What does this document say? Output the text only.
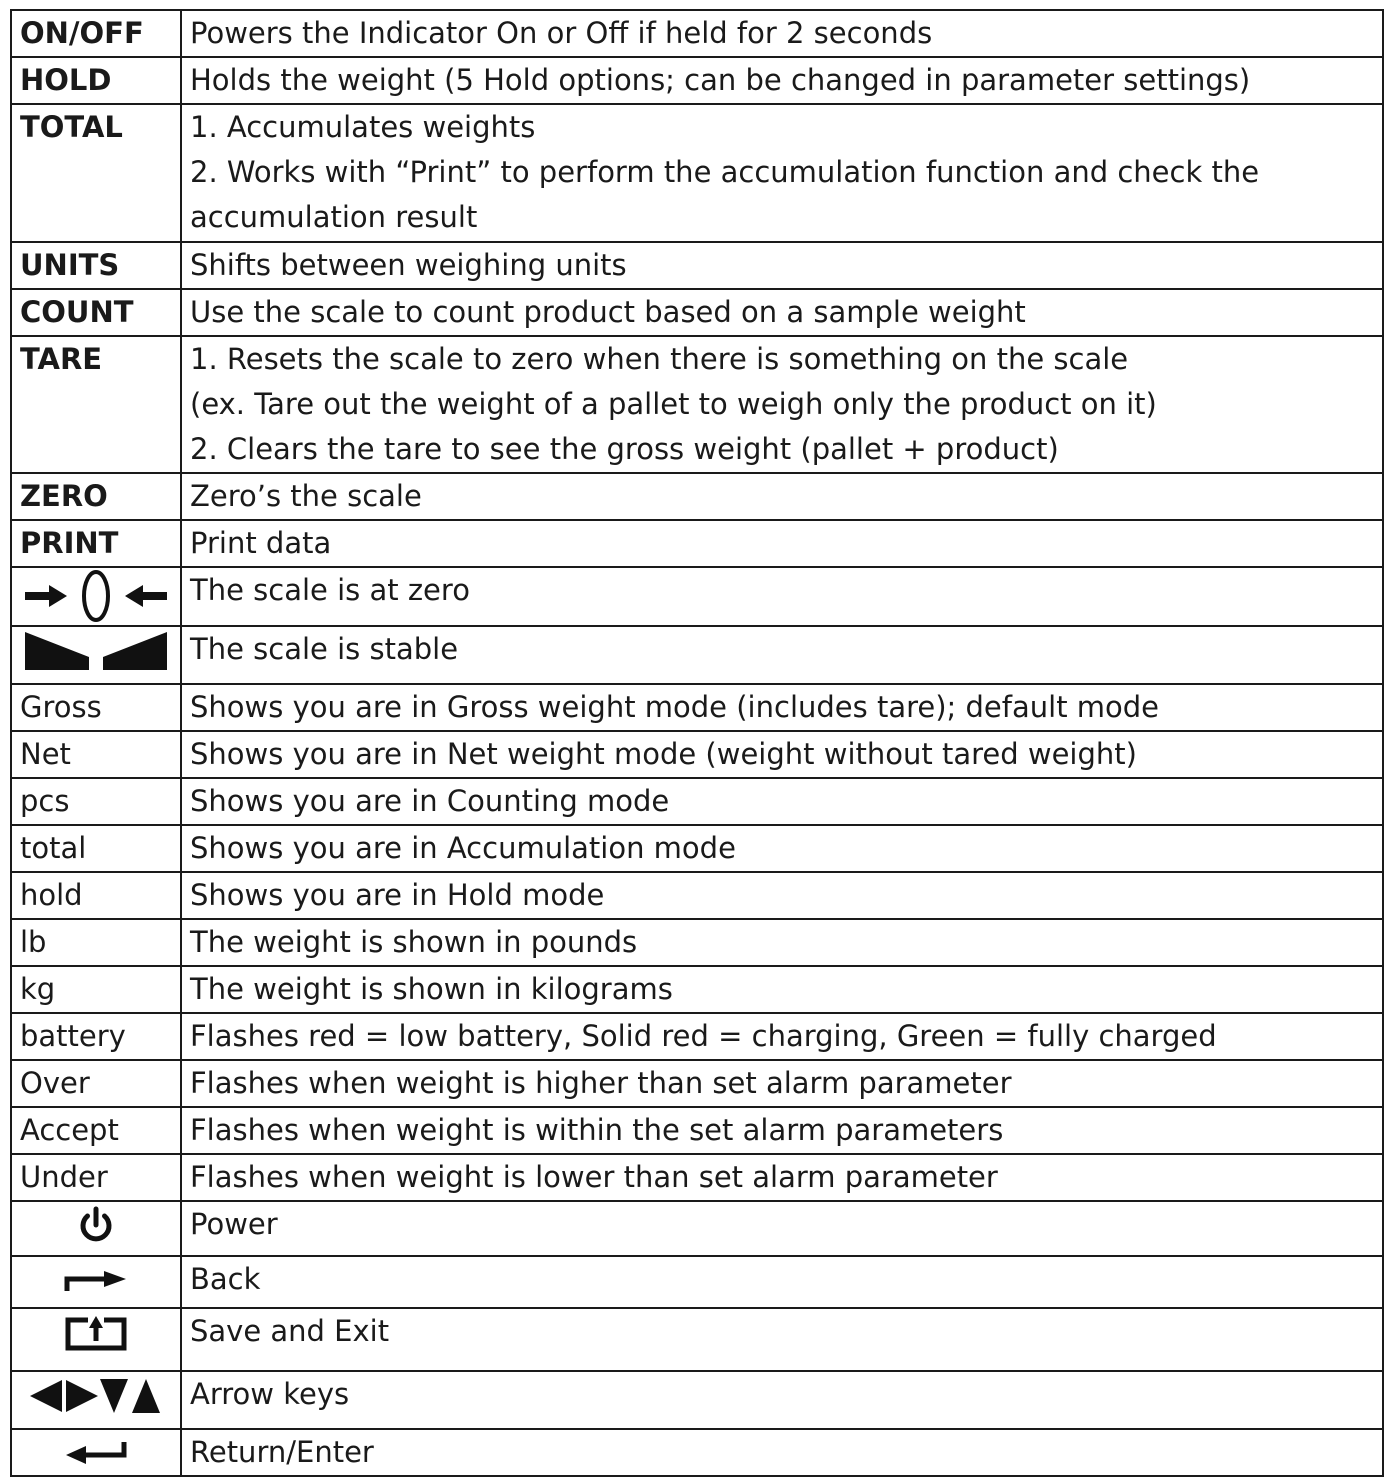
ON/OFF	Powers the Indicator On or Off if held for 2 seconds
HOLD	Holds the weight (5 Hold options; can be changed in parameter settings)
TOTAL	1. Accumulates weights
2. Works with “Print” to perform the accumulation function and check the
accumulation result

UNITS	Shifts between weighing units
COUNT	Use the scale to count product based on a sample weight
TARE	1. Resets the scale to zero when there is something on the scale
(ex. Tare out the weight of a pallet to weigh only the product on it)
2. Clears the tare to see the gross weight (pallet + product)

ZERO	Zero’s the scale
PRINT	Print data
	The scale is at zero
	The scale is stable
Gross	Shows you are in Gross weight mode (includes tare); default mode
Net	Shows you are in Net weight mode (weight without tared weight)
pcs	Shows you are in Counting mode
total	Shows you are in Accumulation mode
hold	Shows you are in Hold mode
lb	The weight is shown in pounds
kg	The weight is shown in kilograms
battery	Flashes red = low battery, Solid red = charging, Green = fully charged
Over	Flashes when weight is higher than set alarm parameter
Accept	Flashes when weight is within the set alarm parameters
Under	Flashes when weight is lower than set alarm parameter
	Power
	Back
	Save and Exit
	Arrow keys
	Return/Enter
